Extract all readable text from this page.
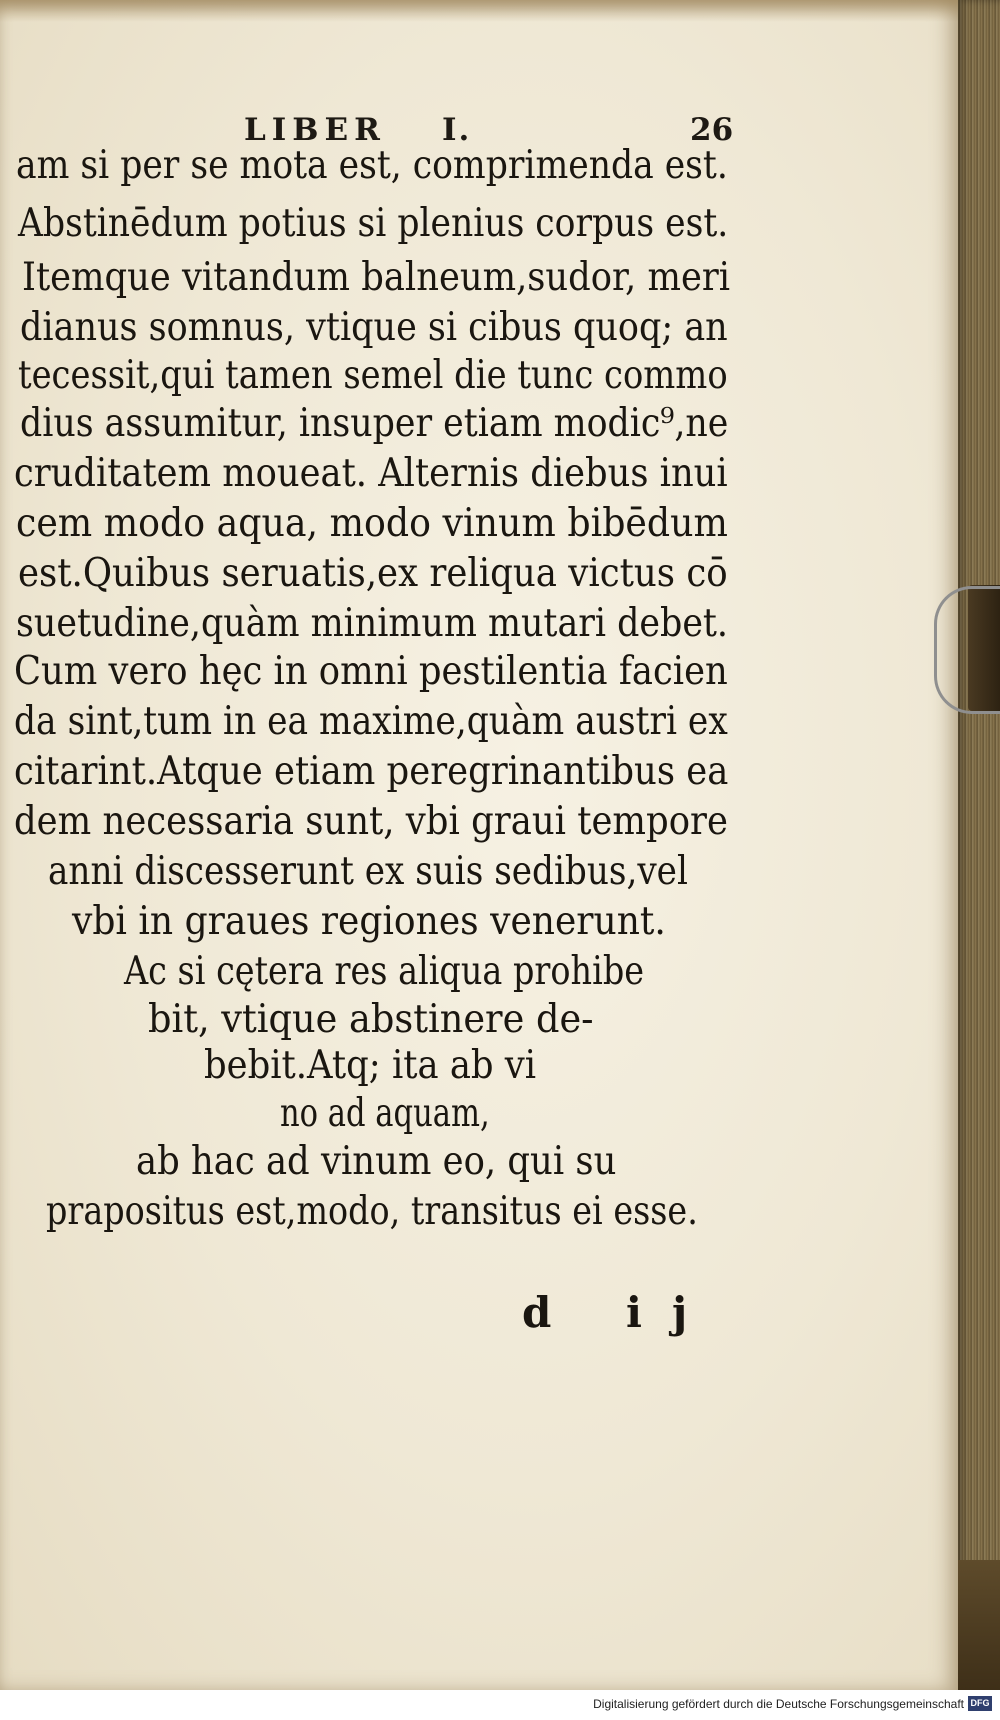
LIBER I.	26
am si per se mota est, comprimenda est.
Abstinēdum potius si plenius corpus est.
Itemque vitandum balneum,sudor, meri
dianus somnus, vtique si cibus quoq; an
tecessit,qui tamen semel die tunc commo
dius assumitur, insuper etiam modic⁹,ne
cruditatem moueat. Alternis diebus inui
cem modo aqua, modo vinum bibēdum
est.Quibus seruatis,ex reliqua victus cō
suetudine,quàm minimum mutari debet.
Cum vero hęc in omni pestilentia facien
da sint,tum in ea maxime,quàm austri ex
citarint.Atque etiam peregrinantibus ea
dem necessaria sunt, vbi graui tempore
anni discesserunt ex suis sedibus,vel
vbi in graues regiones venerunt.
Ac si cętera res aliqua prohibe
bit, vtique abstinere de-
bebit.Atq; ita ab vi
no ad aquam,
ab hac ad vinum eo, qui su
prapositus est,modo, transitus ei esse.
d ij
Digitalisierung gefördert durch die Deutsche Forschungsgemeinschaft DFG
